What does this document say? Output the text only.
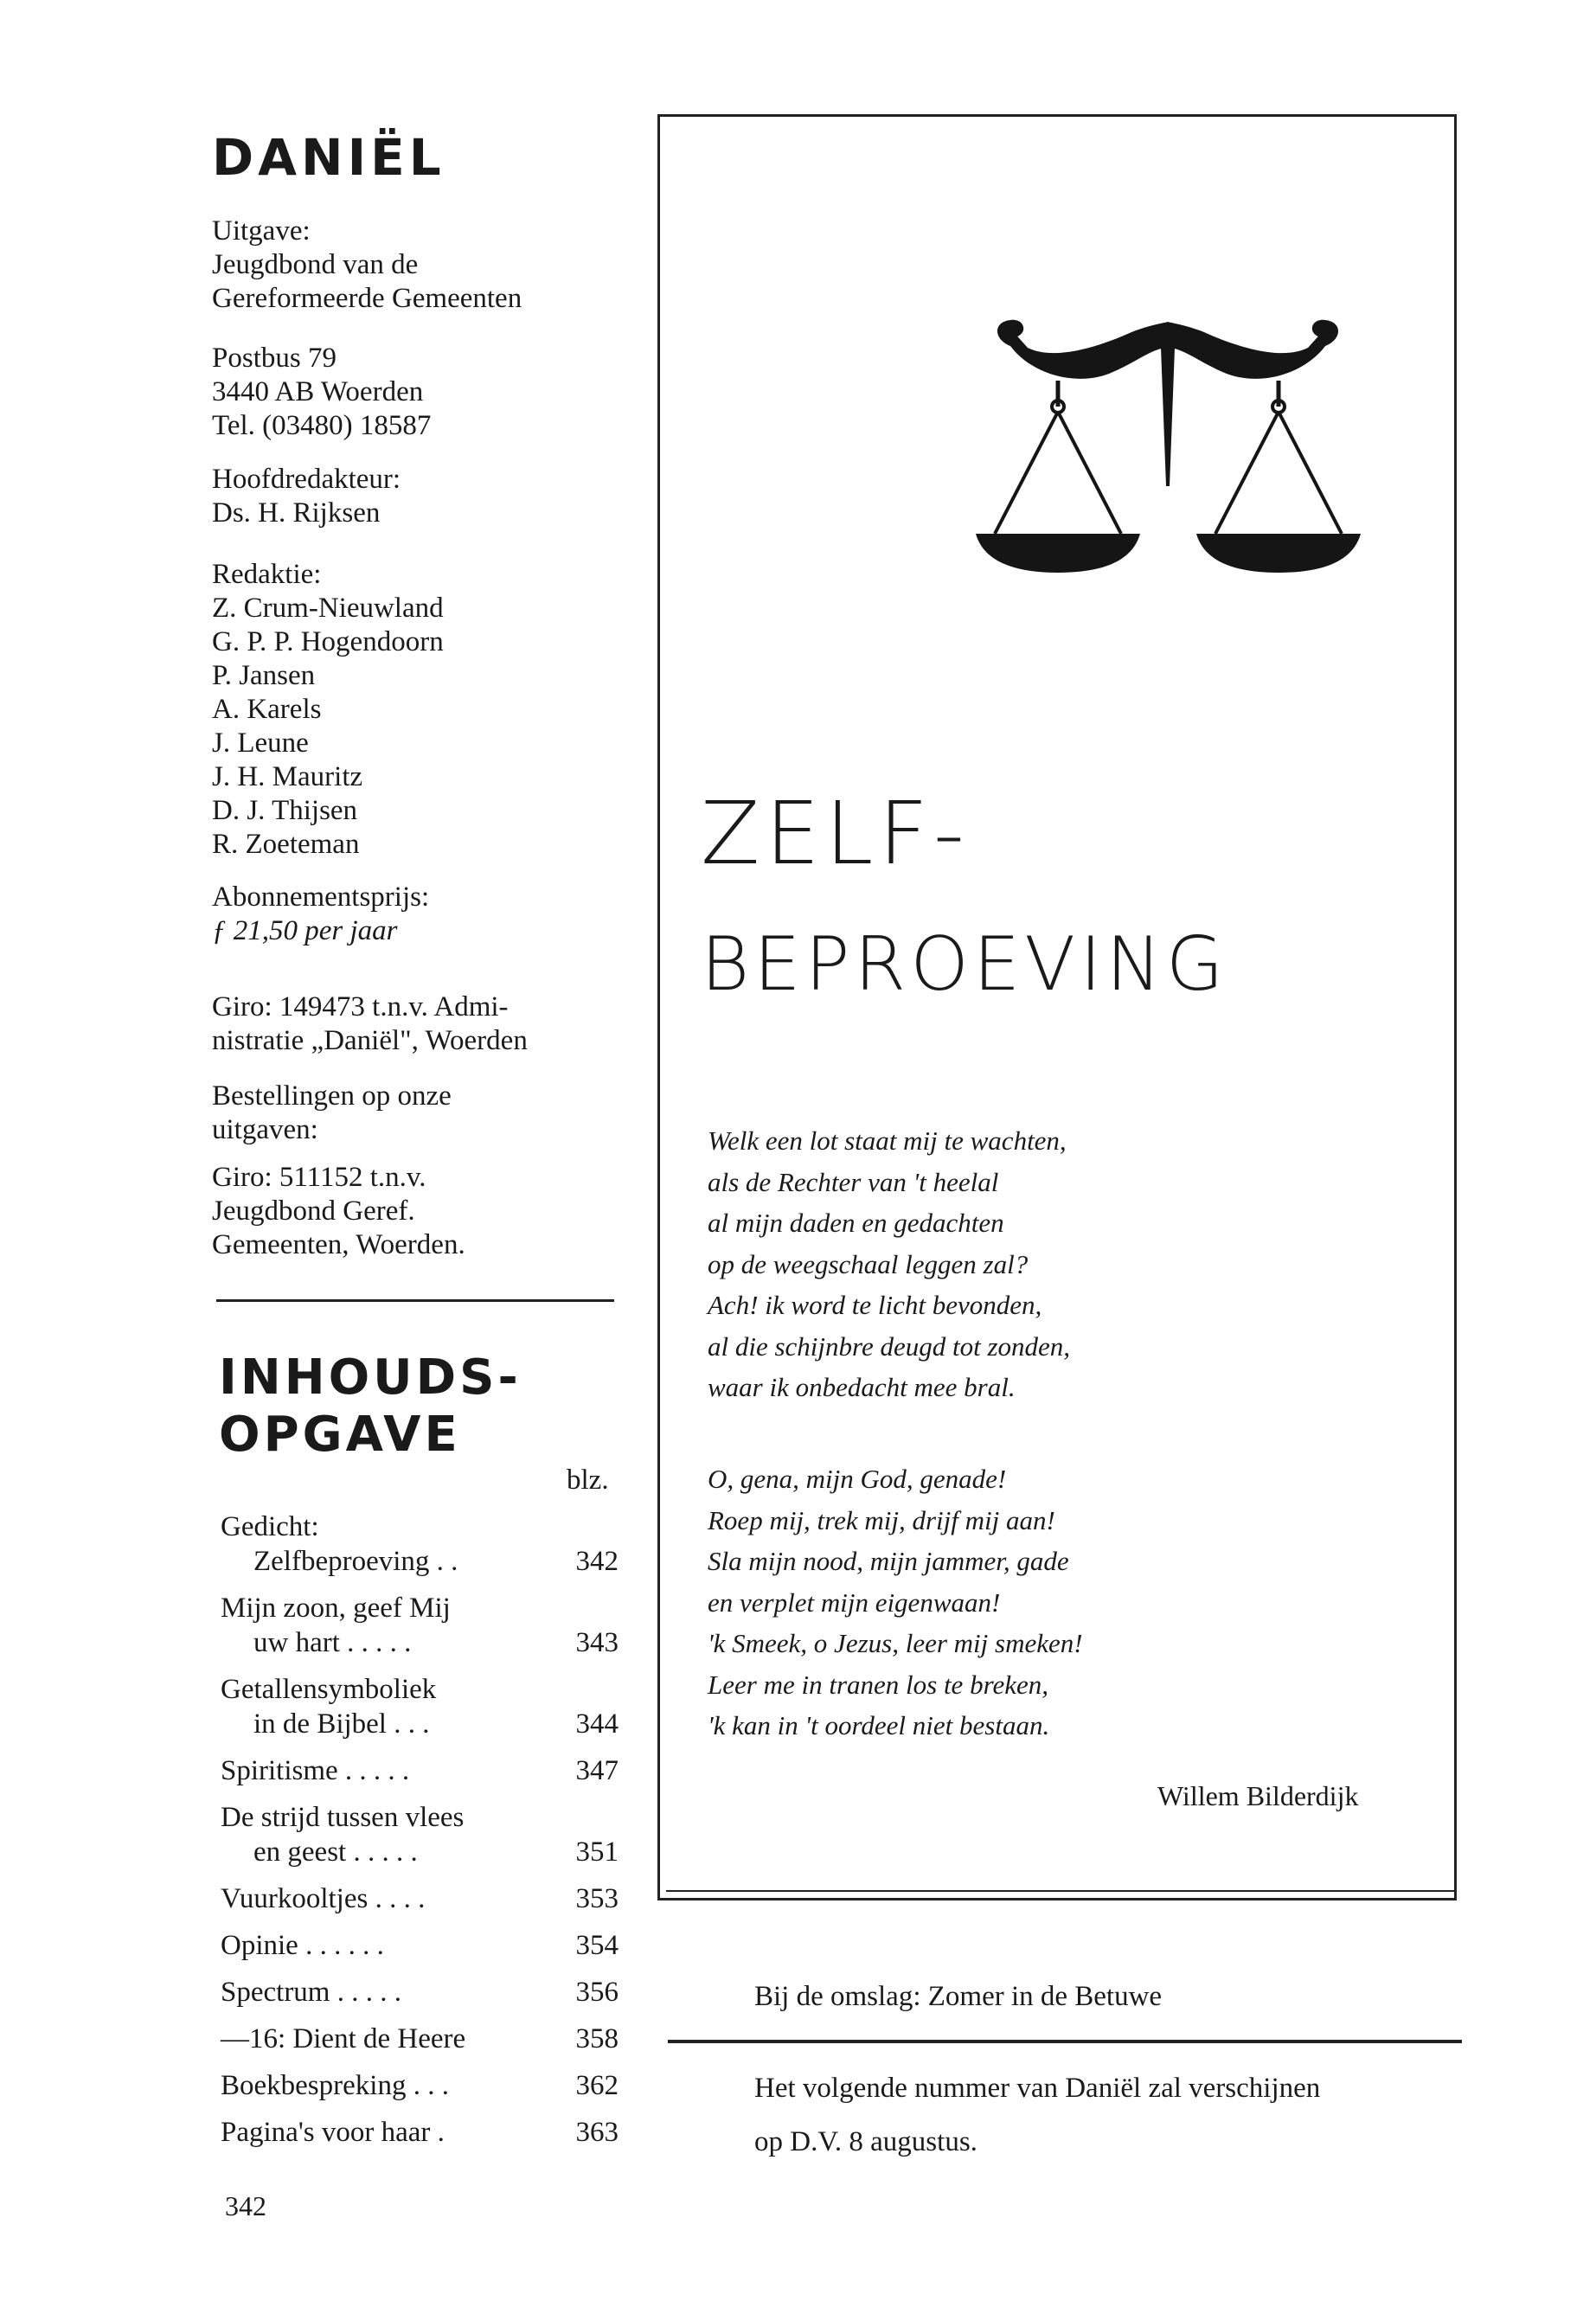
DANIËL
Uitgave:
Jeugdbond van de
Gereformeerde Gemeenten
Postbus 79
3440 AB Woerden
Tel. (03480) 18587
Hoofdredakteur:
Ds. H. Rijksen
Redaktie:
Z. Crum-Nieuwland
G. P. P. Hogendoorn
P. Jansen
A. Karels
J. Leune
J. H. Mauritz
D. J. Thijsen
R. Zoeteman
Abonnementsprijs:
ƒ 21,50 per jaar
Giro: 149473 t.n.v. Admi-
nistratie „Daniël", Woerden
Bestellingen op onze
uitgaven:
Giro: 511152 t.n.v.
Jeugdbond Geref.
Gemeenten, Woerden.
INHOUDS-
OPGAVE
blz.
Gedicht:
Zelfbeproeving . .	342
Mijn zoon, geef Mij
uw hart . . . . .	343
Getallensymboliek
in de Bijbel . . .	344
Spiritisme . . . . .	347
De strijd tussen vlees
en geest . . . . .	351
Vuurkooltjes . . . .	353
Opinie . . . . . .	354
Spectrum . . . . .	356
—16: Dient de Heere	358
Boekbespreking . . .	362
Pagina's voor haar .	363
342
ZELF-
BEPROEVING
Welk een lot staat mij te wachten,
als de Rechter van 't heelal
al mijn daden en gedachten
op de weegschaal leggen zal?
Ach! ik word te licht bevonden,
al die schijnbre deugd tot zonden,
waar ik onbedacht mee bral.
O, gena, mijn God, genade!
Roep mij, trek mij, drijf mij aan!
Sla mijn nood, mijn jammer, gade
en verplet mijn eigenwaan!
'k Smeek, o Jezus, leer mij smeken!
Leer me in tranen los te breken,
'k kan in 't oordeel niet bestaan.
Willem Bilderdijk
Bij de omslag: Zomer in de Betuwe
Het volgende nummer van Daniël zal verschijnen
op D.V. 8 augustus.
